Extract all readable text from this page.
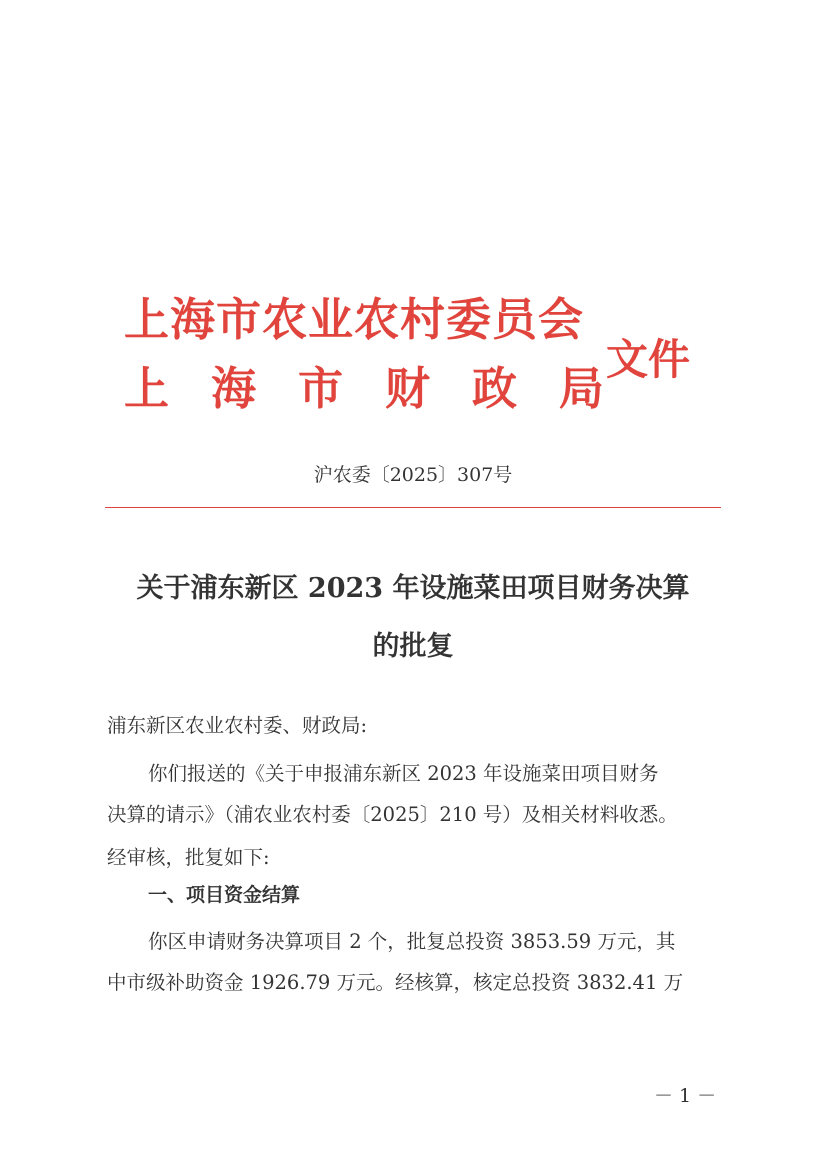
上海市农业农村委员会
上 海 市 财 政 局
文件
沪农委〔2025〕307号
关于浦东新区 2023 年设施菜田项目财务决算
的批复
浦东新区农业农村委、财政局:
你们报送的《关于申报浦东新区 2023 年设施菜田项目财务
决算的请示》（浦农业农村委〔2025〕210 号）及相关材料收悉。
经审核，批复如下:
一、项目资金结算
你区申请财务决算项目 2 个，批复总投资 3853.59 万元，其
中市级补助资金 1926.79 万元。经核算，核定总投资 3832.41 万
－ 1 －
